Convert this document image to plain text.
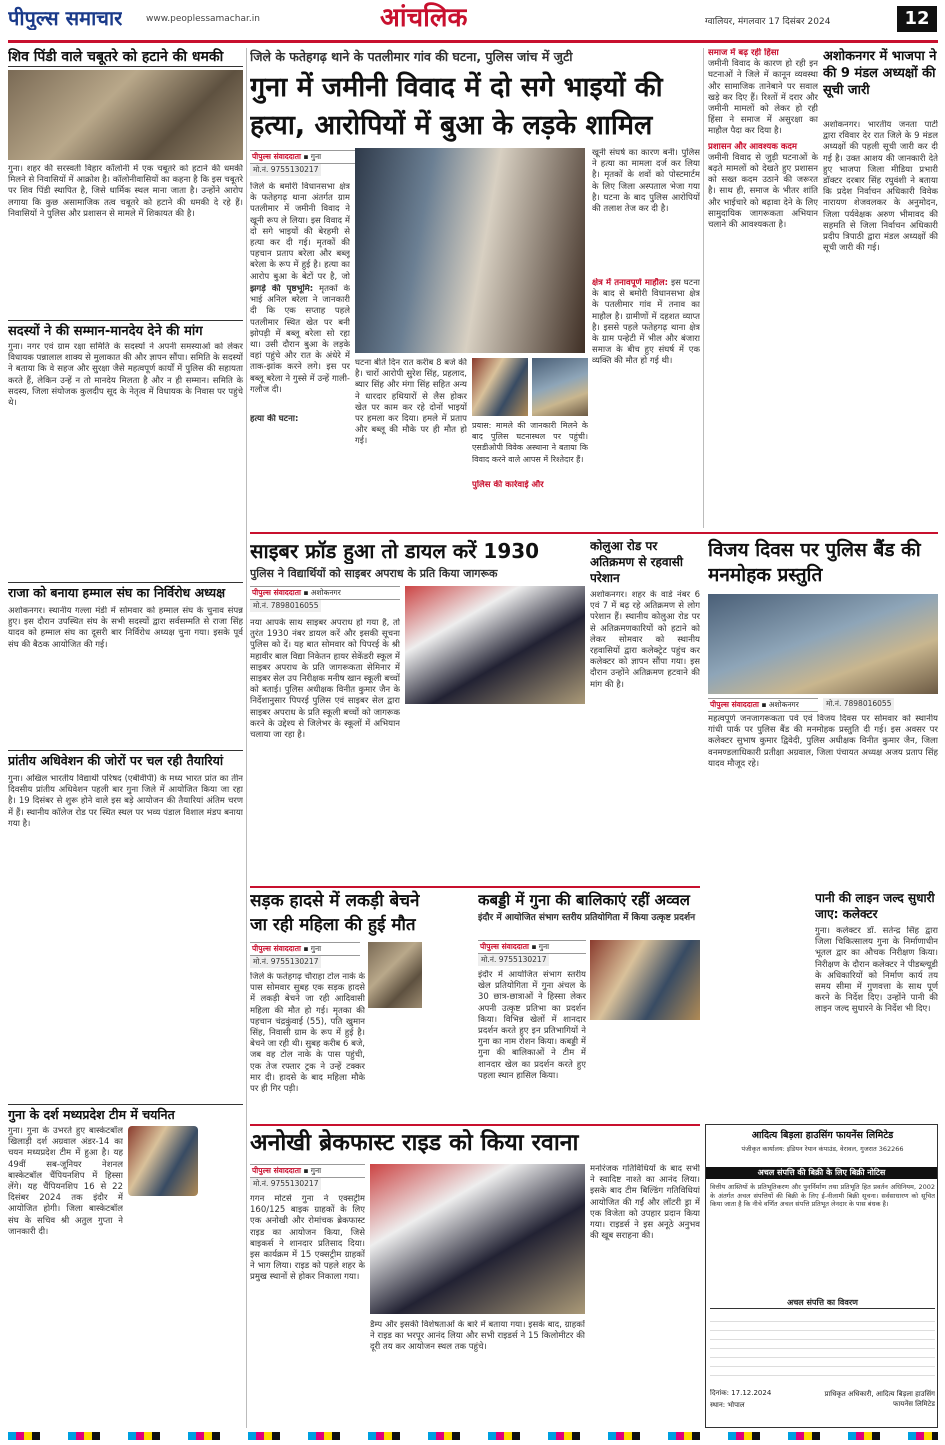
पीपुल्स समाचार	www.peoplessamachar.in	आंचलिक	ग्वालियर, मंगलवार 17 दिसंबर 2024	12
शिव पिंडी वाले चबूतरे को हटाने की धमकी
गुना। शहर की सरस्वती विहार कॉलोनी में एक चबूतरे को हटाने की धमकी मिलने से निवासियों में आक्रोश है। कॉलोनीवासियों का कहना है कि इस चबूतरे पर शिव पिंडी स्थापित है, जिसे धार्मिक स्थल माना जाता है। उन्होंने आरोप लगाया कि कुछ असामाजिक तत्व चबूतरे को हटाने की धमकी दे रहे हैं। निवासियों ने पुलिस और प्रशासन से मामले में शिकायत की है।
सदस्यों ने की सम्मान-मानदेय देने की मांग
गुना। नगर एवं ग्राम रक्षा समिति के सदस्यों ने अपनी समस्याओं को लेकर विधायक पन्नालाल शाक्य से मुलाकात की और ज्ञापन सौंपा। समिति के सदस्यों ने बताया कि वे सहज और सुरक्षा जैसे महत्वपूर्ण कार्यों में पुलिस की सहायता करते हैं, लेकिन उन्हें न तो मानदेय मिलता है और न ही सम्मान। समिति के सदस्य, जिला संयोजक कुलदीप सूद के नेतृत्व में विधायक के निवास पर पहुंचे थे।
राजा को बनाया हम्माल संघ का निर्विरोध अध्यक्ष
अशोकनगर। स्थानीय गल्ला मंडी में सोमवार को हम्माल संघ के चुनाव संपन्न हुए। इस दौरान उपस्थित संघ के सभी सदस्यों द्वारा सर्वसम्मति से राजा सिंह यादव को हम्माल संघ का दूसरी बार निर्विरोध अध्यक्ष चुना गया। इसके पूर्व संघ की बैठक आयोजित की गई।
प्रांतीय अधिवेशन की जोरों पर चल रही तैयारियां
गुना। अखिल भारतीय विद्यार्थी परिषद (एबीवीपी) के मध्य भारत प्रांत का तीन दिवसीय प्रांतीय अधिवेशन पहली बार गुना जिले में आयोजित किया जा रहा है। 19 दिसंबर से शुरू होने वाले इस बड़े आयोजन की तैयारियां अंतिम चरण में हैं। स्थानीय कॉलेज रोड पर स्थित स्थल पर भव्य पंडाल विशाल मंडप बनाया गया है।
गुना के दर्श मध्यप्रदेश टीम में चयनित
गुना। गुना के उभरते हुए बास्केटबॉल खिलाड़ी दर्श अग्रवाल अंडर-14 का चयन मध्यप्रदेश टीम में हुआ है। यह 49वीं सब-जूनियर नेशनल बास्केटबॉल चैंपियनशिप में हिस्सा लेंगे। यह चैंपियनशिप 16 से 22 दिसंबर 2024 तक इंदौर में आयोजित होगी। जिला बास्केटबॉल संघ के सचिव श्री अतुल गुप्ता ने जानकारी दी।
जिले के फतेहगढ़ थाने के पतलीमार गांव की घटना, पुलिस जांच में जुटी
गुना में जमीनी विवाद में दो सगे भाइयों की
हत्या, आरोपियों में बुआ के लड़के शामिल
पीपुल्स संवाददाता ▪ गुना
मो.नं. 9755130217
जिले के बमोरी विधानसभा क्षेत्र के फतेहगढ़ थाना अंतर्गत ग्राम पतलीमार में जमीनी विवाद ने खूनी रूप ले लिया। इस विवाद में दो सगे भाइयों की बेरहमी से हत्या कर दी गई। मृतकों की पहचान प्रताप बरेला और बब्लू बरेला के रूप में हुई है। हत्या का आरोप बुआ के बेटों पर है, जो
झगड़े की पृष्ठभूमि: मृतकों के भाई अनिल बरेला ने जानकारी दी कि एक सप्ताह पहले पतलीमार स्थित खेत पर बनी झोपड़ी में बब्लू बरेला सो रहा था। उसी दौरान बुआ के लड़के वहां पहुंचे और रात के अंधेरे में ताक-झांक करने लगे। इस पर बब्लू बरेला ने गुस्से में उन्हें गाली-गलौज दी।
हत्या की घटना:
घटना बीते दिन रात करीब 8 बजे की है। चारों आरोपी सुरेश सिंह, प्रहलाद, ब्यार सिंह और मंगा सिंह सहित अन्य ने धारदार हथियारों से लैस होकर खेत पर काम कर रहे दोनों भाइयों पर हमला कर दिया। हमले में प्रताप और बब्लू की मौके पर ही मौत हो गई।
प्रयास: मामले की जानकारी मिलने के बाद पुलिस घटनास्थल पर पहुंची। एसडीओपी विवेक अस्थाना ने बताया कि विवाद करने वाले आपस में रिश्तेदार हैं।
पुलिस की कार्रवाई और
खूनी संघर्ष का कारण बनी। पुलिस ने हत्या का मामला दर्ज कर लिया है। मृतकों के शवों को पोस्टमार्टम के लिए जिला अस्पताल भेजा गया है। घटना के बाद पुलिस आरोपियों की तलाश तेज कर दी है।
क्षेत्र में तनावपूर्ण माहौल: इस घटना के बाद से बमोरी विधानसभा क्षेत्र के पतलीमार गांव में तनाव का माहौल है। ग्रामीणों में दहशत व्याप्त है। इससे पहले फतेहगढ़ थाना क्षेत्र के ग्राम पन्हेटी में भील और बंजारा समाज के बीच हुए संघर्ष में एक व्यक्ति की मौत हो गई थी।
समाज में बढ़ रही हिंसा
जमीनी विवाद के कारण हो रही इन घटनाओं ने जिले में कानून व्यवस्था और सामाजिक तानेबाने पर सवाल खड़े कर दिए हैं। रिश्तों में दरार और जमीनी मामलों को लेकर हो रही हिंसा ने समाज में असुरक्षा का माहौल पैदा कर दिया है।
प्रशासन और आवश्यक कदम
जमीनी विवाद से जुड़ी घटनाओं के बढ़ते मामलों को देखते हुए प्रशासन को सख्त कदम उठाने की जरूरत है। साथ ही, समाज के भीतर शांति और भाईचारे को बढ़ावा देने के लिए सामुदायिक जागरूकता अभियान चलाने की आवश्यकता है।
अशोकनगर में भाजपा ने की 9 मंडल अध्यक्षों की सूची जारी
अशोकनगर। भारतीय जनता पार्टी द्वारा रविवार देर रात जिले के 9 मंडल अध्यक्षों की पहली सूची जारी कर दी गई है। उक्त आशय की जानकारी देते हुए भाजपा जिला मीडिया प्रभारी डॉक्टर दरबार सिंह रघुवंशी ने बताया कि प्रदेश निर्वाचन अधिकारी विवेक नारायण शेजवलकर के अनुमोदन, जिला पर्यवेक्षक अरुण भीमावद की सहमति से जिला निर्वाचन अधिकारी प्रदीप त्रिपाठी द्वारा मंडल अध्यक्षों की सूची जारी की गई।
साइबर फ्रॉड हुआ तो डायल करें 1930
पुलिस ने विद्यार्थियों को साइबर अपराध के प्रति किया जागरूक
पीपुल्स संवाददाता ▪ अशोकनगर
मो.नं. 7898016055
नया आपके साथ साइबर अपराध हो गया है, तो तुरंत 1930 नंबर डायल करें और इसकी सूचना पुलिस को दें। यह बात सोमवार को पिपरई के श्री महावीर बाल विद्या निकेतन हायर सेकेंडरी स्कूल में साइबर अपराध के प्रति जागरूकता सेमिनार में साइबर सेल उप निरीक्षक मनीष खान स्कूली बच्चों को बताई। पुलिस अधीक्षक विनीत कुमार जैन के निर्देशानुसार पिपरई पुलिस एवं साइबर सेल द्वारा साइबर अपराध के प्रति स्कूली बच्चों को जागरूक करने के उद्देश्य से जिलेभर के स्कूलों में अभियान चलाया जा रहा है।
कोलुआ रोड पर अतिक्रमण से रहवासी परेशान
अशोकनगर। शहर के वार्ड नंबर 6 एवं 7 में बढ़ रहे अतिक्रमण से लोग परेशान हैं। स्थानीय कोलुआ रोड पर से अतिक्रमणकारियों को हटाने को लेकर सोमवार को स्थानीय रहवासियों द्वारा कलेक्ट्रेट पहुंच कर कलेक्टर को ज्ञापन सौंपा गया। इस दौरान उन्होंने अतिक्रमण हटवाने की मांग की है।
विजय दिवस पर पुलिस बैंड की मनमोहक प्रस्तुति
पीपुल्स संवाददाता ▪ अशोकनगर	मो.नं. 7898016055
महत्वपूर्ण जनजागरूकता पर्व एवं विजय दिवस पर सोमवार को स्थानीय गांधी पार्क पर पुलिस बैंड की मनमोहक प्रस्तुति दी गई। इस अवसर पर कलेक्टर सुभाष कुमार द्विवेदी, पुलिस अधीक्षक विनीत कुमार जैन, जिला वनमण्डलाधिकारी प्रतीक्षा अग्रवाल, जिला पंचायत अध्यक्ष अजय प्रताप सिंह यादव मौजूद रहे।
सड़क हादसे में लकड़ी बेचने
जा रही महिला की हुई मौत
पीपुल्स संवाददाता ▪ गुना
मो.नं. 9755130217
जिले के फतेहगढ़ चौराहा टोल नाके के पास सोमवार सुबह एक सड़क हादसे में लकड़ी बेचने जा रही आदिवासी महिला की मौत हो गई। मृतका की पहचान चंद्रकुंवाई (55), पति खुमान सिंह, निवासी ग्राम के रूप में हुई है। बेचने जा रही थी। सुबह करीब 6 बजे, जब वह टोल नाके के पास पहुंची, एक तेज रफ्तार ट्रक ने उन्हें टक्कर मार दी। हादसे के बाद महिला मौके पर ही गिर पड़ी।
कबड्डी में गुना की बालिकाएं रहीं अव्वल
इंदौर में आयोजित संभाग स्तरीय प्रतियोगिता में किया उत्कृष्ट प्रदर्शन
पीपुल्स संवाददाता ▪ गुना
मो.नं. 9755130217
इंदौर में आयोजित संभाग स्तरीय खेल प्रतियोगिता में गुना अंचल के 30 छात्र-छात्राओं ने हिस्सा लेकर अपनी उत्कृष्ट प्रतिभा का प्रदर्शन किया। विभिन्न खेलों में शानदार प्रदर्शन करते हुए इन प्रतिभागियों ने गुना का नाम रोशन किया। कबड्डी में गुना की बालिकाओं ने टीम में शानदार खेल का प्रदर्शन करते हुए पहला स्थान हासिल किया।
पानी की लाइन जल्द सुधारी जाए: कलेक्टर
गुना। कलेक्टर डॉ. सतेन्द्र सिंह द्वारा जिला चिकित्सालय गुना के निर्माणाधीन भूतल द्वार का औचक निरीक्षण किया। निरीक्षण के दौरान कलेक्टर ने पीडब्ल्यूडी के अधिकारियों को निर्माण कार्य तय समय सीमा में गुणवत्ता के साथ पूर्ण करने के निर्देश दिए। उन्होंने पानी की लाइन जल्द सुधारने के निर्देश भी दिए।
अनोखी ब्रेकफास्ट राइड को किया रवाना
पीपुल्स संवाददाता ▪ गुना
मो.नं. 9755130217
गगन मोटर्स गुना ने एक्सट्रीम 160/125 बाइक ग्राहकों के लिए एक अनोखी और रोमांचक ब्रेकफास्ट राइड का आयोजन किया, जिसे बाइकर्स ने शानदार प्रतिसाद दिया। इस कार्यक्रम में 15 एक्सट्रीम ग्राहकों ने भाग लिया। राइड को पहले शहर के प्रमुख स्थानों से होकर निकाला गया।
डैम्प और इसकी विशेषताओं के बारे में बताया गया। इसके बाद, ग्राहकों ने राइड का भरपूर आनंद लिया और सभी राइडर्स ने 15 किलोमीटर की दूरी तय कर आयोजन स्थल तक पहुंचे।
मनोरंजक गतिविधियों के बाद सभी ने स्वादिष्ट नाश्ते का आनंद लिया। इसके बाद टीम बिल्डिंग गतिविधियां आयोजित की गईं और लॉटरी ड्रा में एक विजेता को उपहार प्रदान किया गया। राइडर्स ने इस अनूठे अनुभव की खूब सराहना की।
आदित्य बिड़ला हाउसिंग फायनेंस लिमिटेड
पंजीकृत कार्यालय: इंडियन रेयान कंपाउंड, वेरावल, गुजरात 362266
अचल संपत्ति की बिक्री के लिए बिक्री नोटिस
वित्तीय आस्तियों के प्रतिभूतिकरण और पुनर्निर्माण तथा प्रतिभूति हित प्रवर्तन अधिनियम, 2002 के अंतर्गत अचल संपत्तियों की बिक्री के लिए ई-नीलामी बिक्री सूचना। सर्वसाधारण को सूचित किया जाता है कि नीचे वर्णित अचल संपत्ति प्रतिभूत लेनदार के पास बंधक है।
अचल संपत्ति का विवरण
दिनांक: 17.12.2024
स्थान: भोपाल
प्राधिकृत अधिकारी, आदित्य बिड़ला हाउसिंग फायनेंस लिमिटेड
